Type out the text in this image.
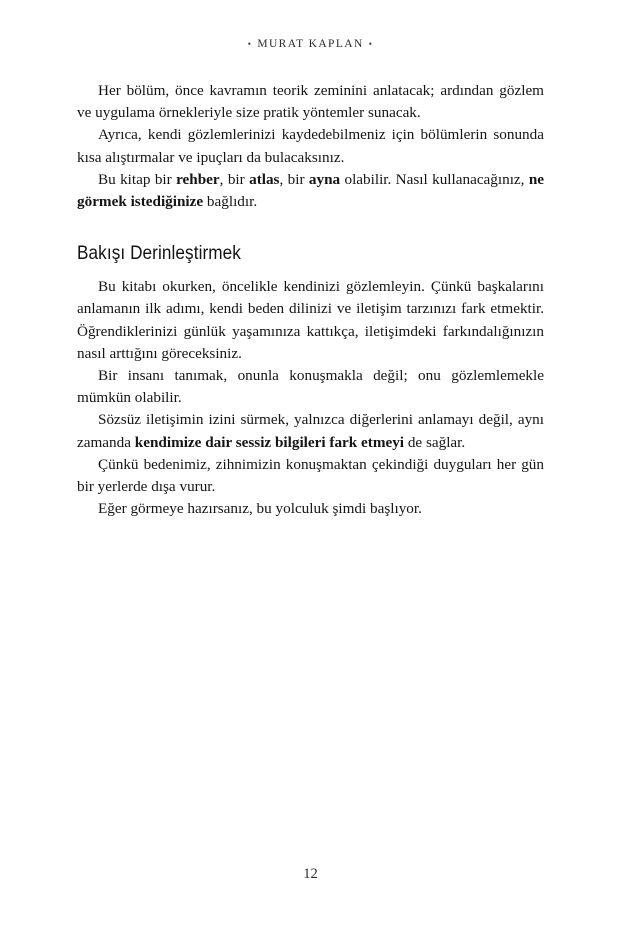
• MURAT KAPLAN •

Her bölüm, önce kavramın teorik zeminini anlatacak; ardından gözlem ve uygulama örnekleriyle size pratik yöntemler sunacak.

Ayrıca, kendi gözlemlerinizi kaydedebilmeniz için bölümlerin sonunda kısa alıştırmalar ve ipuçları da bulacaksınız.

Bu kitap bir rehber, bir atlas, bir ayna olabilir. Nasıl kullanacağınız, ne görmek istediğinize bağlıdır.

Bakışı Derinleştirmek

Bu kitabı okurken, öncelikle kendinizi gözlemleyin. Çünkü başkalarını anlamanın ilk adımı, kendi beden dilinizi ve iletişim tarzınızı fark etmektir. Öğrendiklerinizi günlük yaşamınıza kattıkça, iletişimdeki farkındalığınızın nasıl arttığını göreceksiniz.

Bir insanı tanımak, onunla konuşmakla değil; onu gözlemlemekle mümkün olabilir.

Sözsüz iletişimin izini sürmek, yalnızca diğerlerini anlamayı değil, aynı zamanda kendimize dair sessiz bilgileri fark etmeyi de sağlar.

Çünkü bedenimiz, zihnimizin konuşmaktan çekindiği duyguları her gün bir yerlerde dışa vurur.

Eğer görmeye hazırsanız, bu yolculuk şimdi başlıyor.

12
